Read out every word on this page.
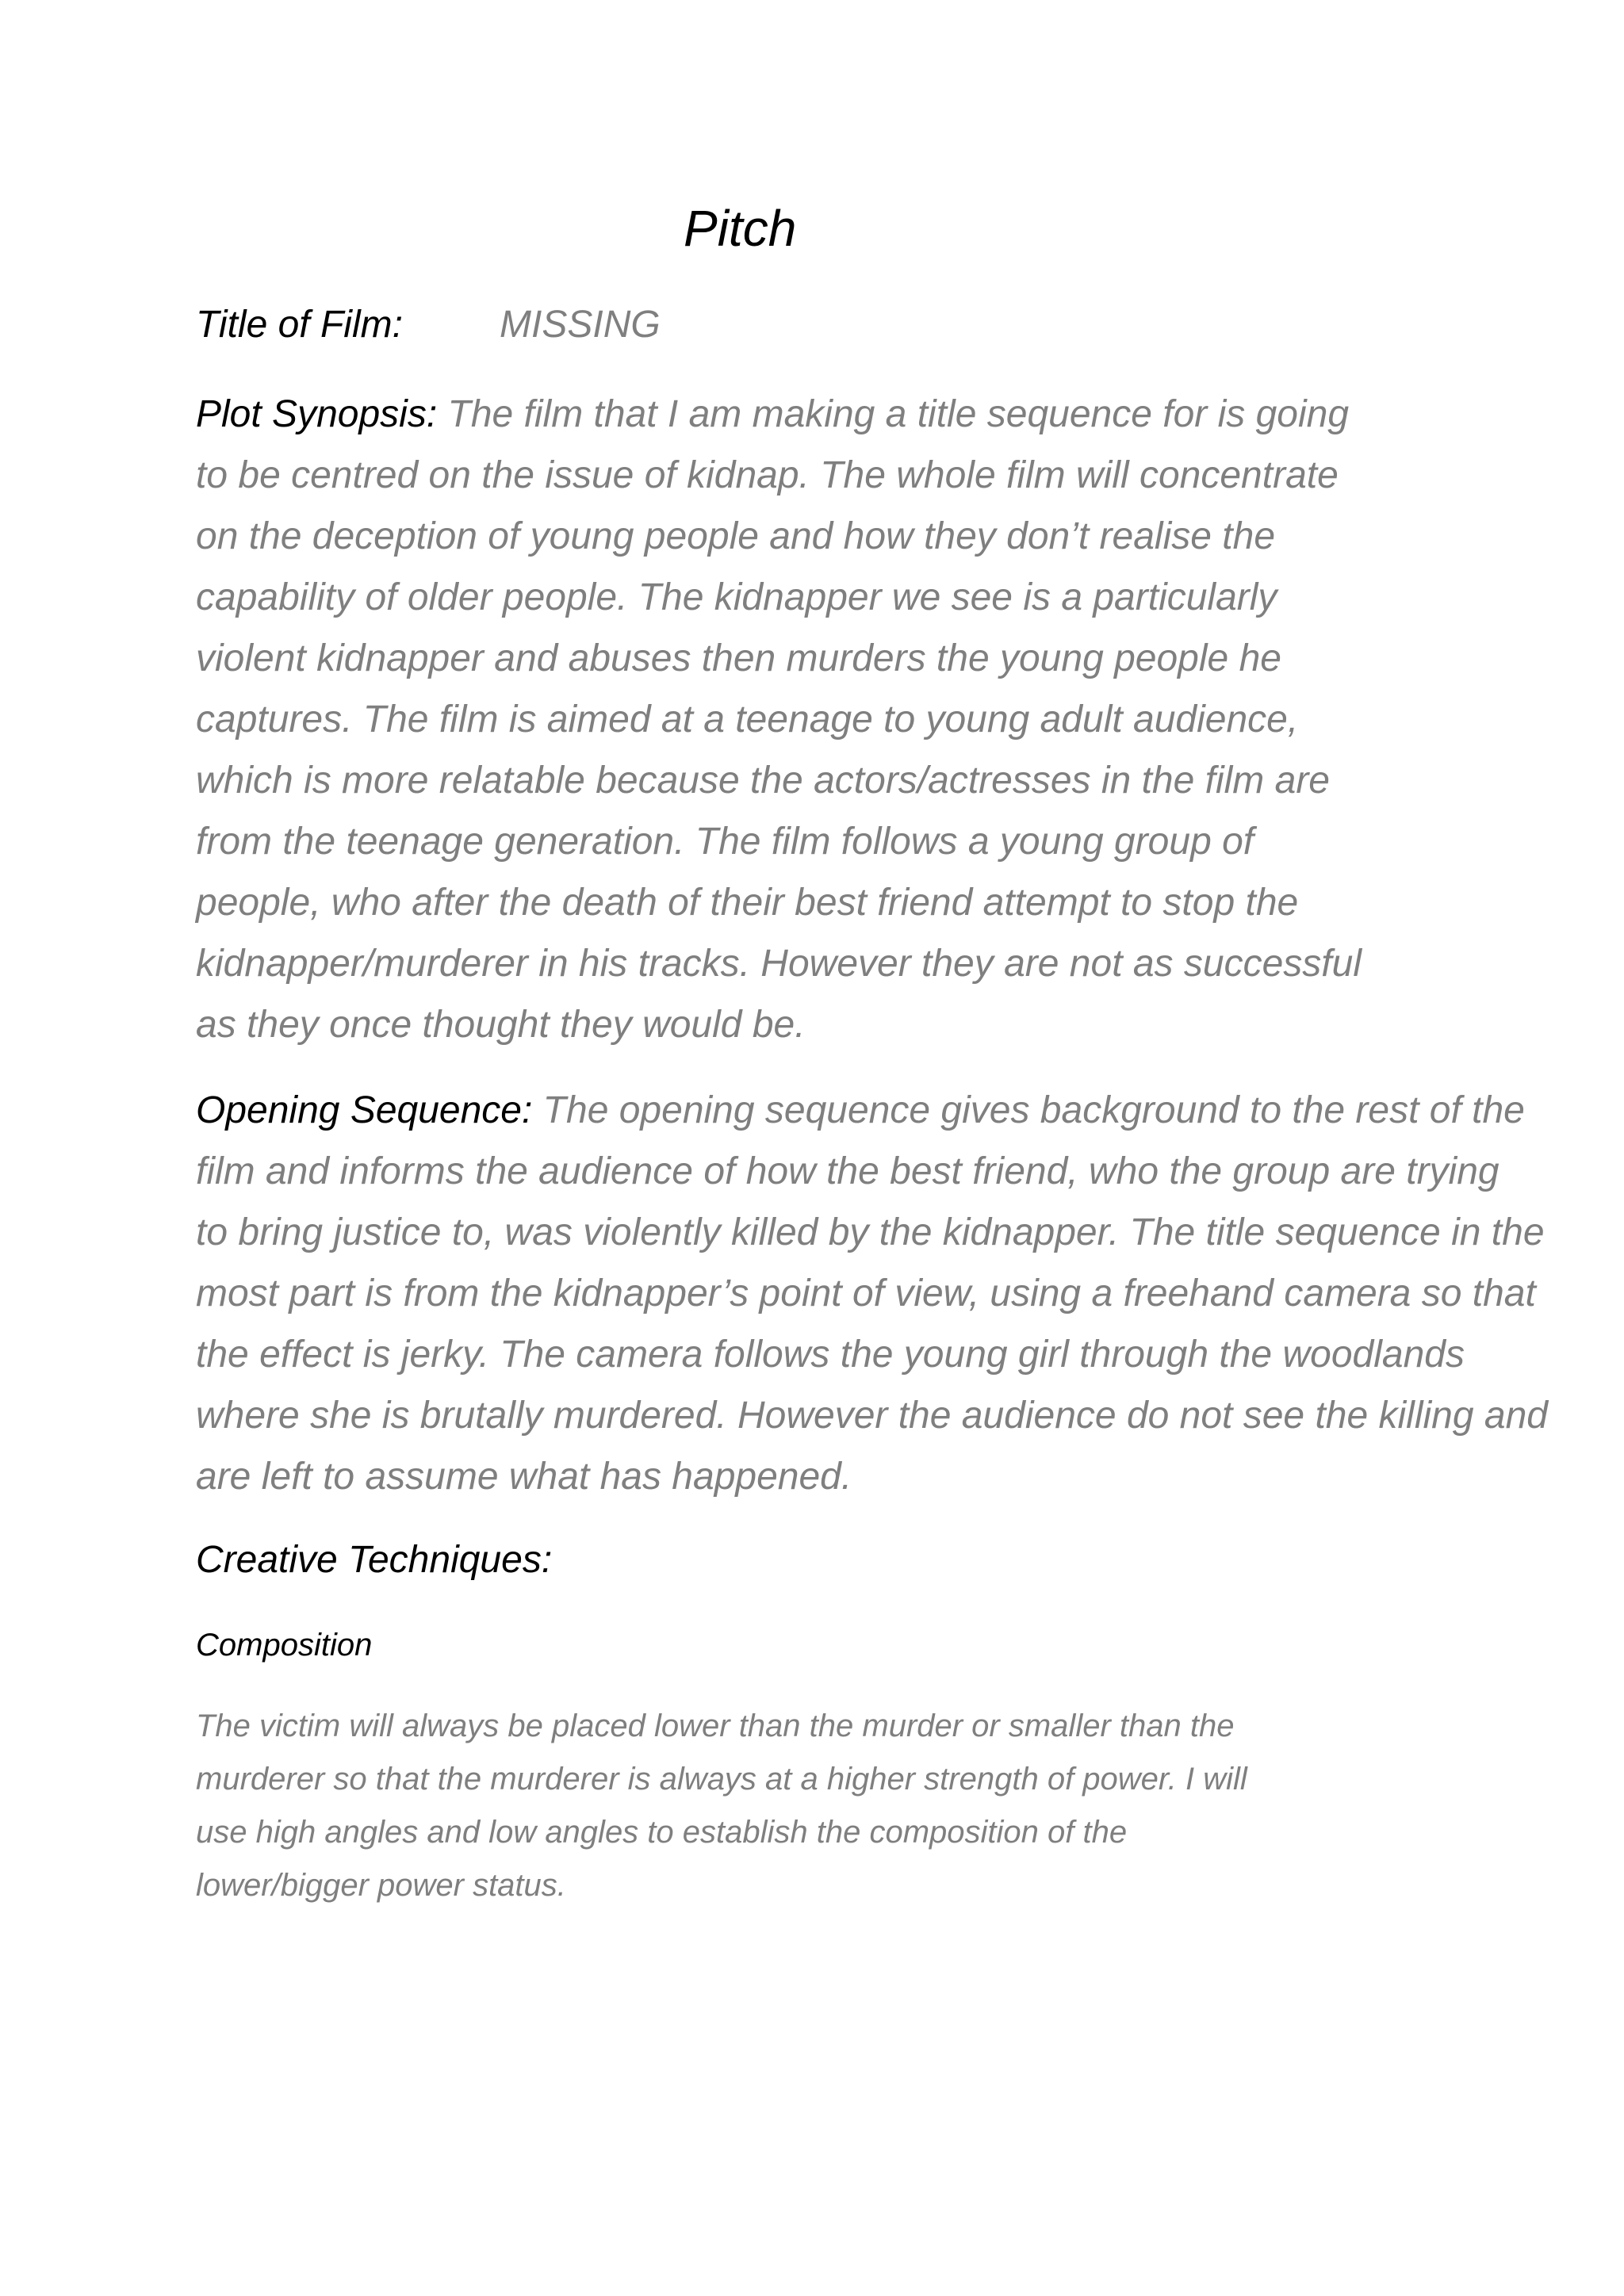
Pitch
Title of Film:	MISSING

Plot Synopsis: The film that I am making a title sequence for is going
to be centred on the issue of kidnap. The whole film will concentrate
on the deception of young people and how they don’t realise the
capability of older people. The kidnapper we see is a particularly
violent kidnapper and abuses then murders the young people he
captures. The film is aimed at a teenage to young adult audience,
which is more relatable because the actors/actresses in the film are
from the teenage generation. The film follows a young group of
people, who after the death of their best friend attempt to stop the
kidnapper/murderer in his tracks. However they are not as successful
as they once thought they would be.

Opening Sequence: The opening sequence gives background to the rest of the
film and informs the audience of how the best friend, who the group are trying
to bring justice to, was violently killed by the kidnapper. The title sequence in the
most part is from the kidnapper’s point of view, using a freehand camera so that
the effect is jerky. The camera follows the young girl through the woodlands
where she is brutally murdered. However the audience do not see the killing and
are left to assume what has happened.

Creative Techniques:
Composition

The victim will always be placed lower than the murder or smaller than the
murderer so that the murderer is always at a higher strength of power. I will
use high angles and low angles to establish the composition of the
lower/bigger power status.
